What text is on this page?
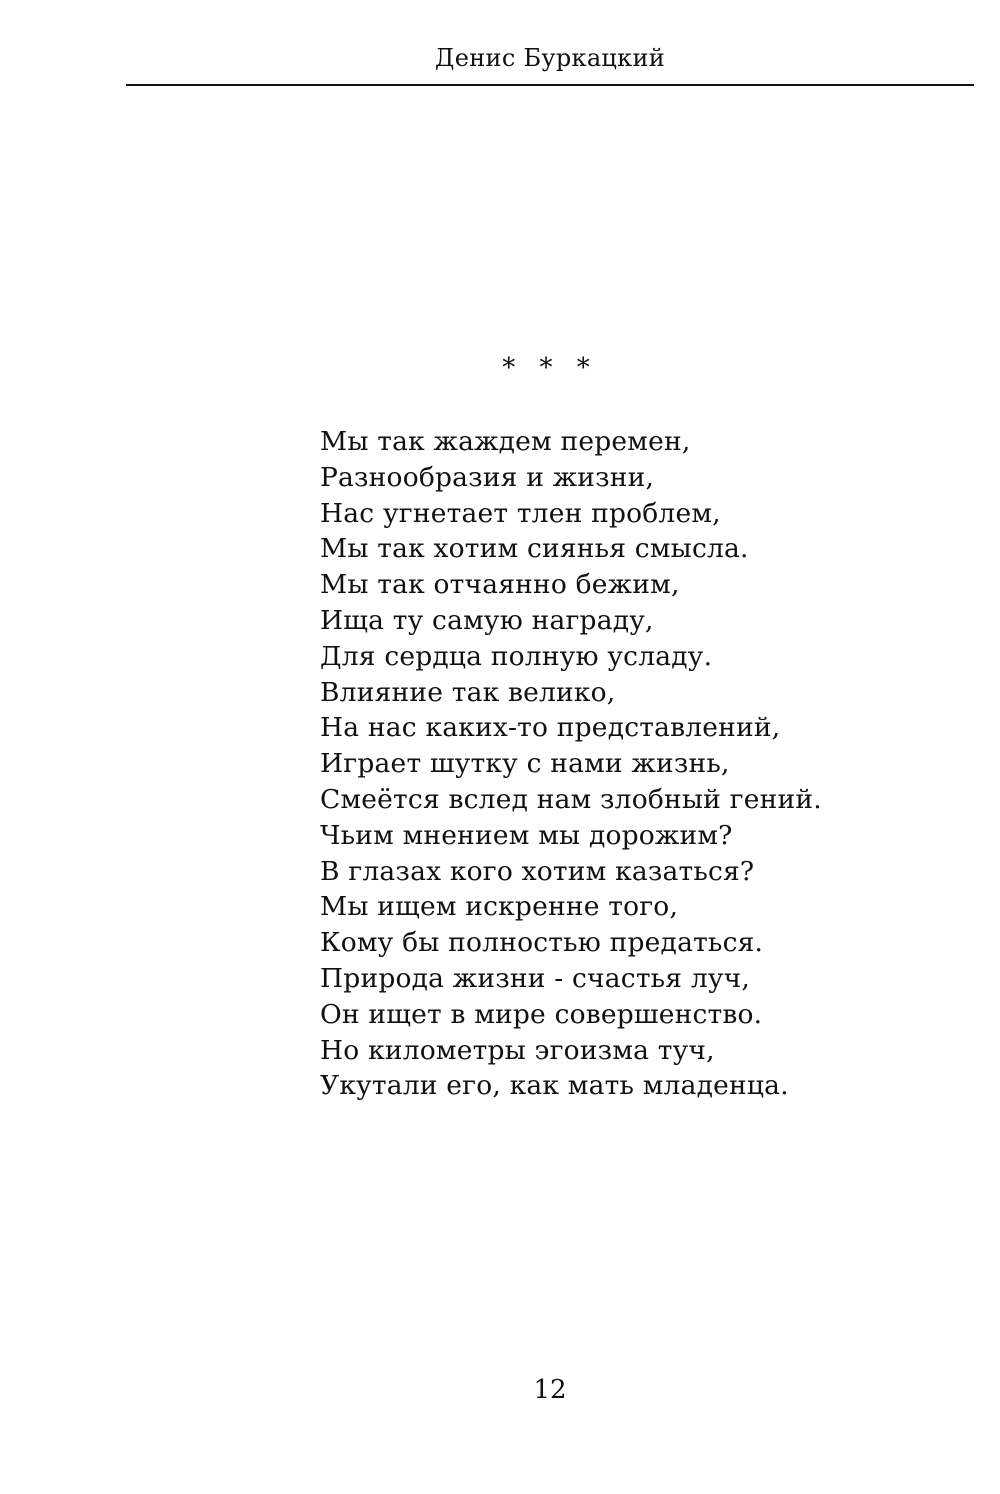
Денис Буркацкий
* * *
Мы так жаждем перемен,
Разнообразия и жизни,
Нас угнетает тлен проблем,
Мы так хотим сиянья смысла.
Мы так отчаянно бежим,
Ища ту самую награду,
Для сердца полную усладу.
Влияние так велико,
На нас каких-то представлений,
Играет шутку с нами жизнь,
Смеётся вслед нам злобный гений.
Чьим мнением мы дорожим?
В глазах кого хотим казаться?
Мы ищем искренне того,
Кому бы полностью предаться.
Природа жизни - счастья луч,
Он ищет в мире совершенство.
Но километры эгоизма туч,
Укутали его, как мать младенца.
12
